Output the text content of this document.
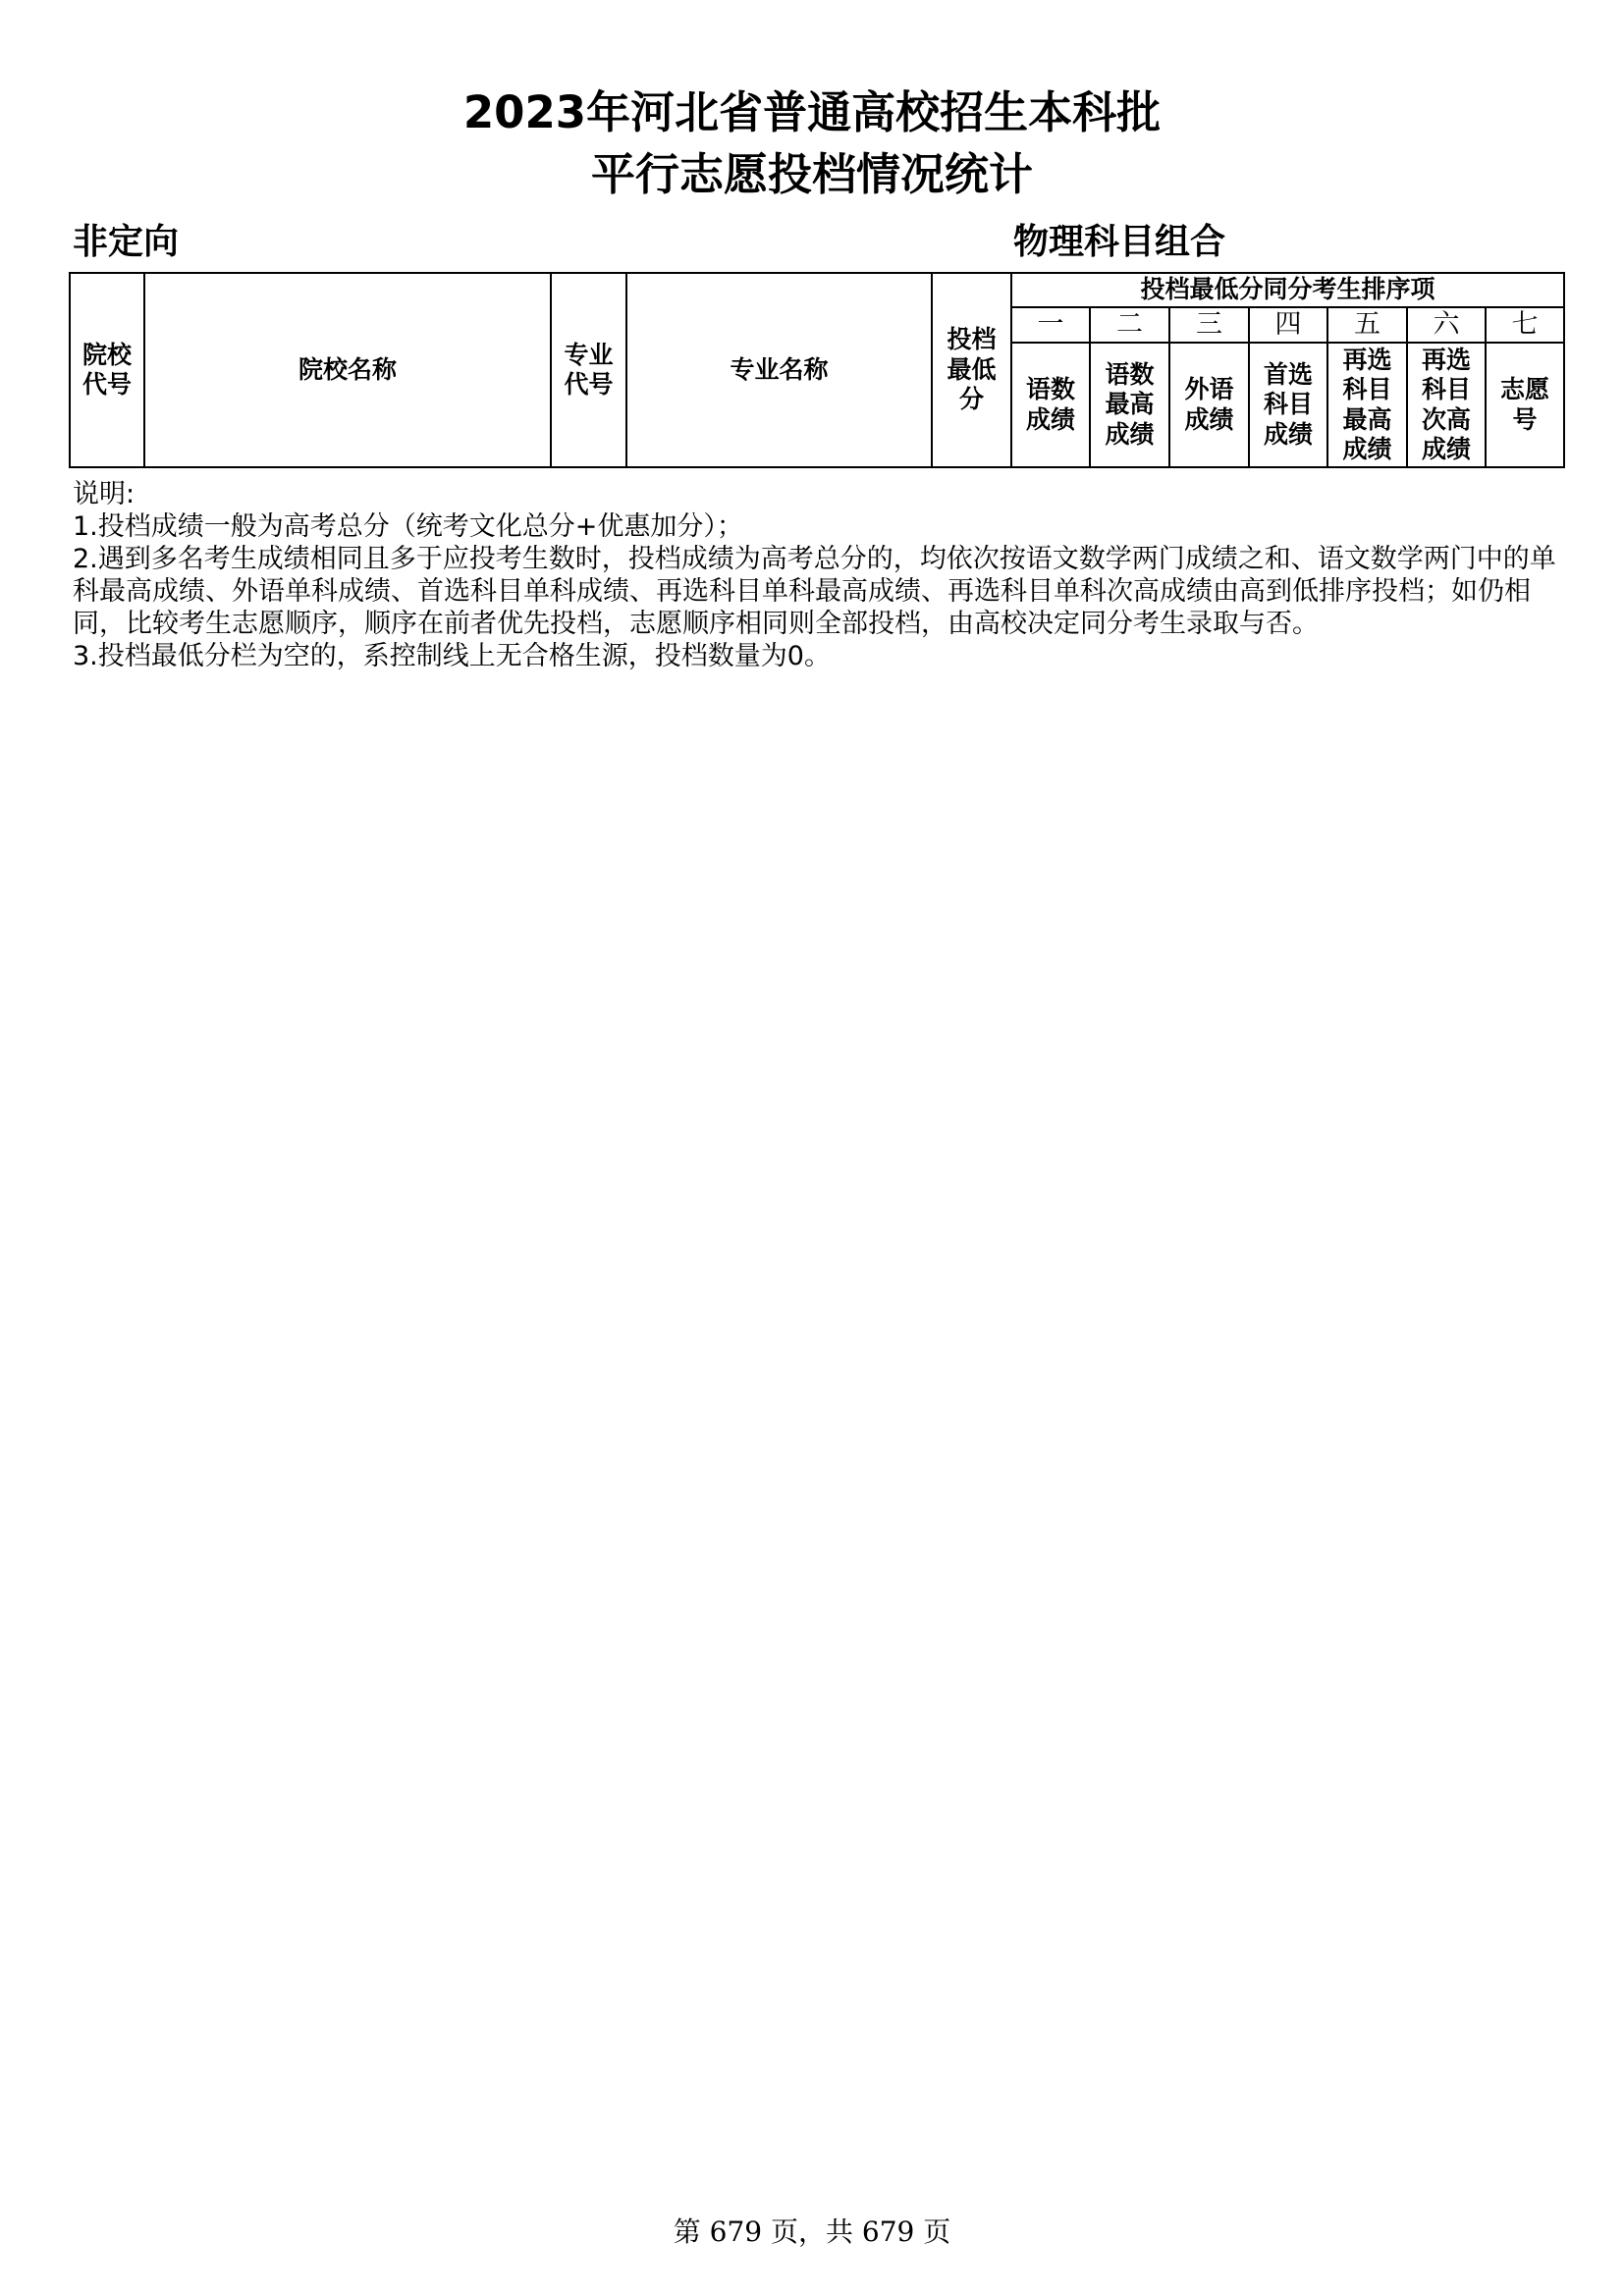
2023年河北省普通高校招生本科批
平行志愿投档情况统计
非定向	物理科目组合
院校代号	院校名称	专业代号	专业名称	投档最低分	投档最低分同分考生排序项						
					一	二	三	四	五	六	七

					语数成绩	语数最高成绩	外语成绩	首选科目成绩	再选科目最高成绩	再选科目次高成绩	志愿号
说明:
1.投档成绩一般为高考总分（统考文化总分+优惠加分）；
2.遇到多名考生成绩相同且多于应投考生数时，投档成绩为高考总分的，均依次按语文数学两门成绩之和、语文数学两门中的单科最高成绩、外语单科成绩、首选科目单科成绩、再选科目单科最高成绩、再选科目单科次高成绩由高到低排序投档；如仍相同，比较考生志愿顺序，顺序在前者优先投档，志愿顺序相同则全部投档，由高校决定同分考生录取与否。
3.投档最低分栏为空的，系控制线上无合格生源，投档数量为0。
第 679 页，共 679 页
